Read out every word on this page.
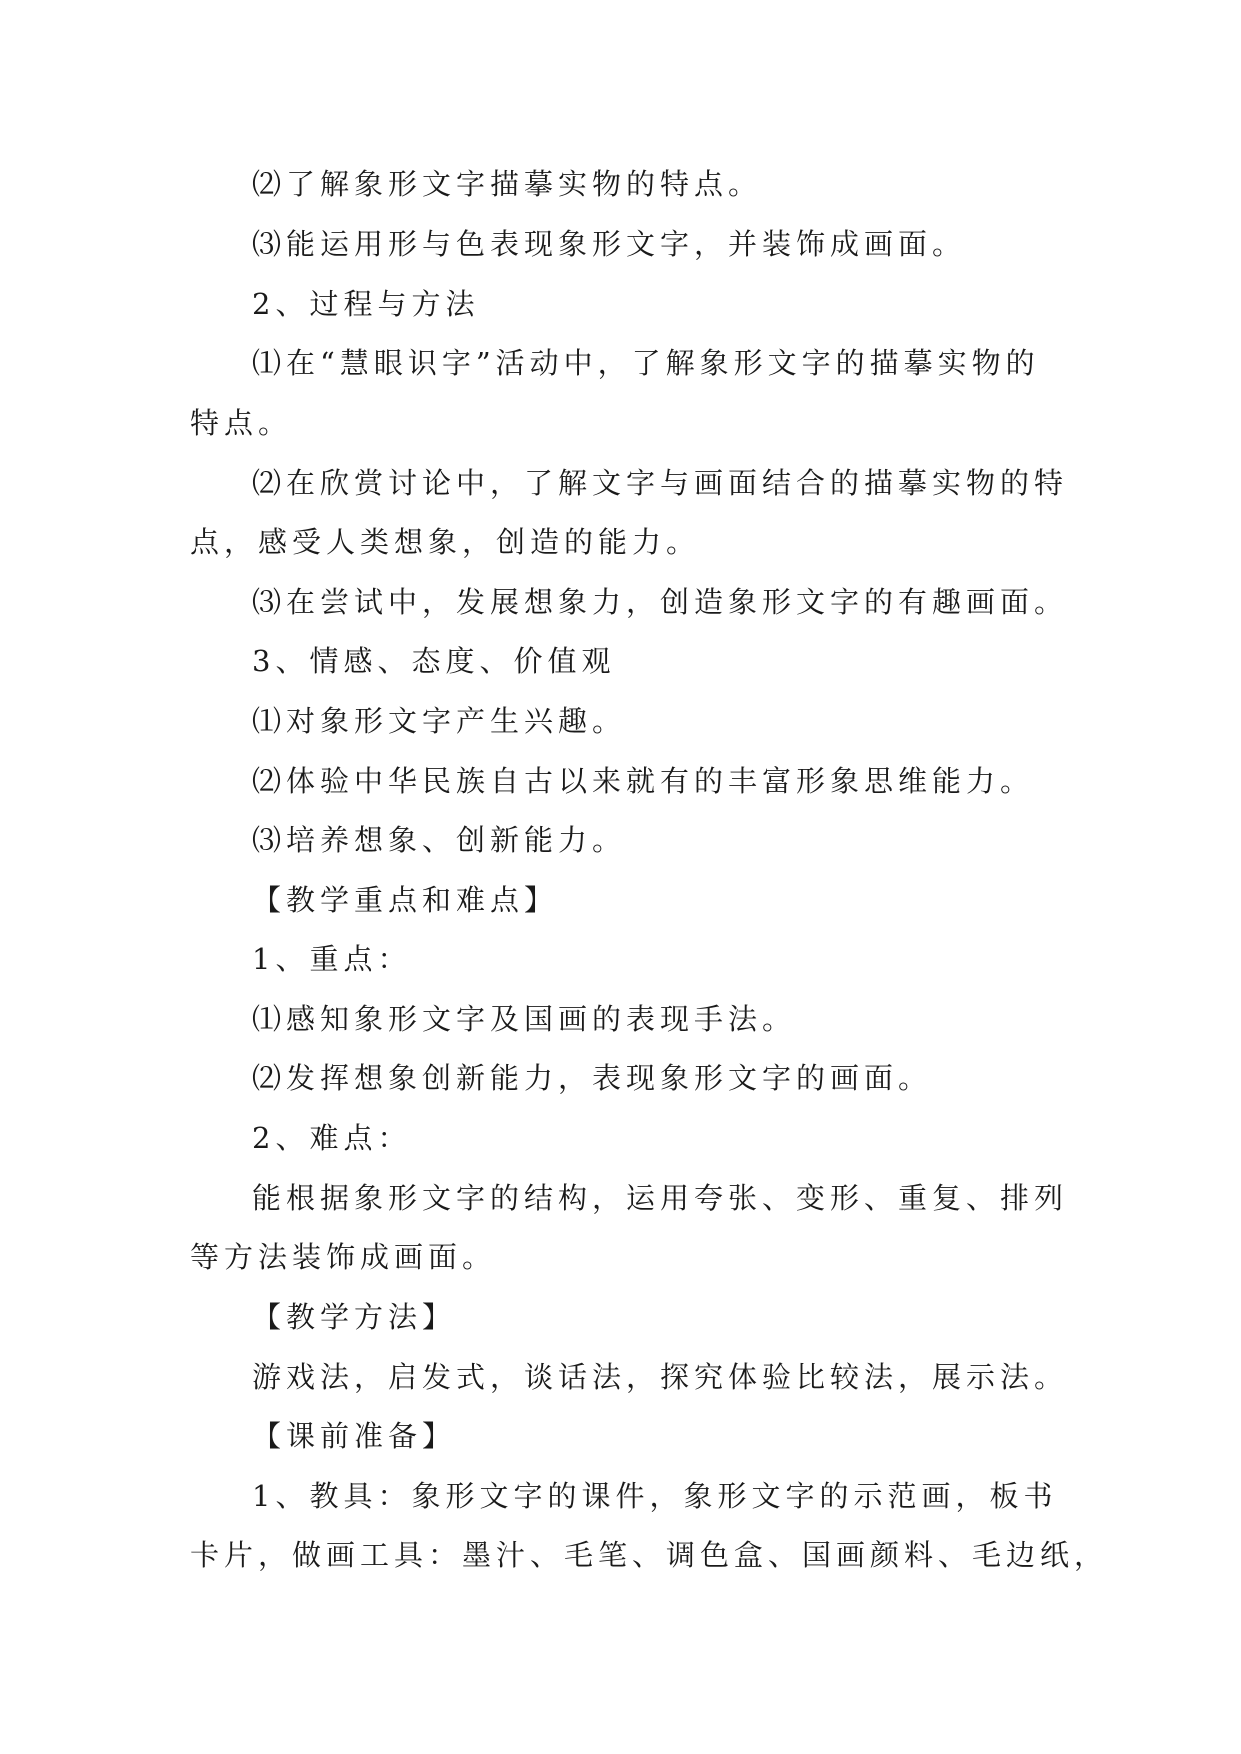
⑵了解象形文字描摹实物的特点。
⑶能运用形与色表现象形文字，并装饰成画面。
2、过程与方法
⑴在“慧眼识字”活动中，了解象形文字的描摹实物的
特点。
⑵在欣赏讨论中，了解文字与画面结合的描摹实物的特
点，感受人类想象，创造的能力。
⑶在尝试中，发展想象力，创造象形文字的有趣画面。
3、情感、态度、价值观
⑴对象形文字产生兴趣。
⑵体验中华民族自古以来就有的丰富形象思维能力。
⑶培养想象、创新能力。
【教学重点和难点】
1、重点：
⑴感知象形文字及国画的表现手法。
⑵发挥想象创新能力，表现象形文字的画面。
2、难点：
能根据象形文字的结构，运用夸张、变形、重复、排列
等方法装饰成画面。
【教学方法】
游戏法，启发式，谈话法，探究体验比较法，展示法。
【课前准备】
1、教具：象形文字的课件，象形文字的示范画，板书
卡片，做画工具：墨汁、毛笔、调色盒、国画颜料、毛边纸，
